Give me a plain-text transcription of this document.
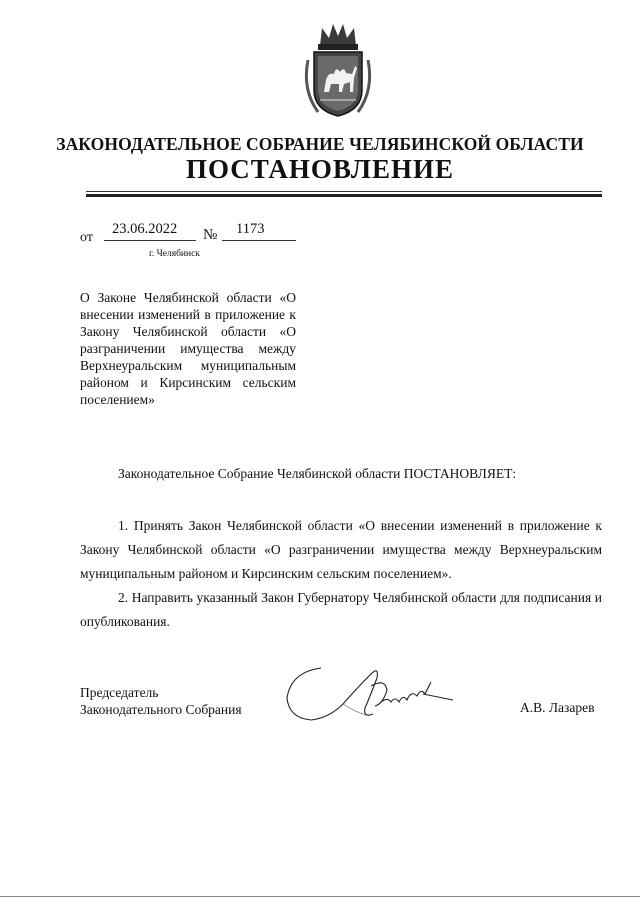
ЗАКОНОДАТЕЛЬНОЕ СОБРАНИЕ ЧЕЛЯБИНСКОЙ ОБЛАСТИ
ПОСТАНОВЛЕНИЕ
от
23.06.2022 № 1173
г. Челябинск
О Законе Челябинской области «О внесении изменений в приложение к Закону Челябинской области «О разграничении имущества между Верхнеуральским муниципальным районом и Кирсинским сельским поселением»
Законодательное Собрание Челябинской области ПОСТАНОВЛЯЕТ:
1. Принять Закон Челябинской области «О внесении изменений в приложение к Закону Челябинской области «О разграничении имущества между Верхнеуральским муниципальным районом и Кирсинским сельским поселением».
2. Направить указанный Закон Губернатору Челябинской области для подписания и опубликования.
Председатель
Законодательного Собрания	А.В. Лазарев
